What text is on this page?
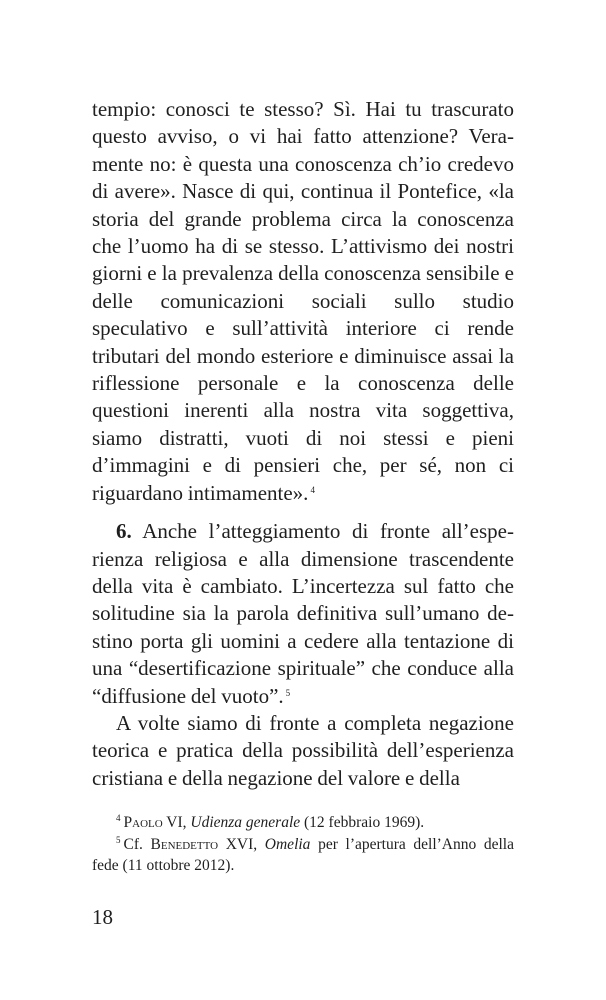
tempio: conosci te stesso? Sì. Hai tu trascurato questo avviso, o vi hai fatto attenzione? Veramente no: è questa una conoscenza ch’io credevo di avere». Nasce di qui, continua il Pontefice, «la storia del grande problema circa la conoscenza che l’uomo ha di se stesso. L’attivismo dei nostri giorni e la prevalenza della conoscenza sensibile e delle comunicazioni sociali sullo studio speculativo e sull’attività interiore ci rende tributari del mondo esteriore e diminuisce assai la riflessione personale e la conoscenza delle questioni inerenti alla nostra vita soggettiva, siamo distratti, vuoti di noi stessi e pieni d’immagini e di pensieri che, per sé, non ci riguardano intimamente». $^4$

6. Anche l’atteggiamento di fronte all’esperienza religiosa e alla dimensione trascendente della vita è cambiato. L’incertezza sul fatto che solitudine sia la parola definitiva sull’umano destino porta gli uomini a cedere alla tentazione di una “desertificazione spirituale” che conduce alla “diffusione del vuoto”. $^5$

A volte siamo di fronte a completa negazione teorica e pratica della possibilità dell’esperienza cristiana e della negazione del valore e della

$^4$ Paolo VI, Udienza generale (12 febbraio 1969).

$^5$ Cf. Benedetto XVI, Omelia per l’apertura dell’Anno della fede (11 ottobre 2012).

18
